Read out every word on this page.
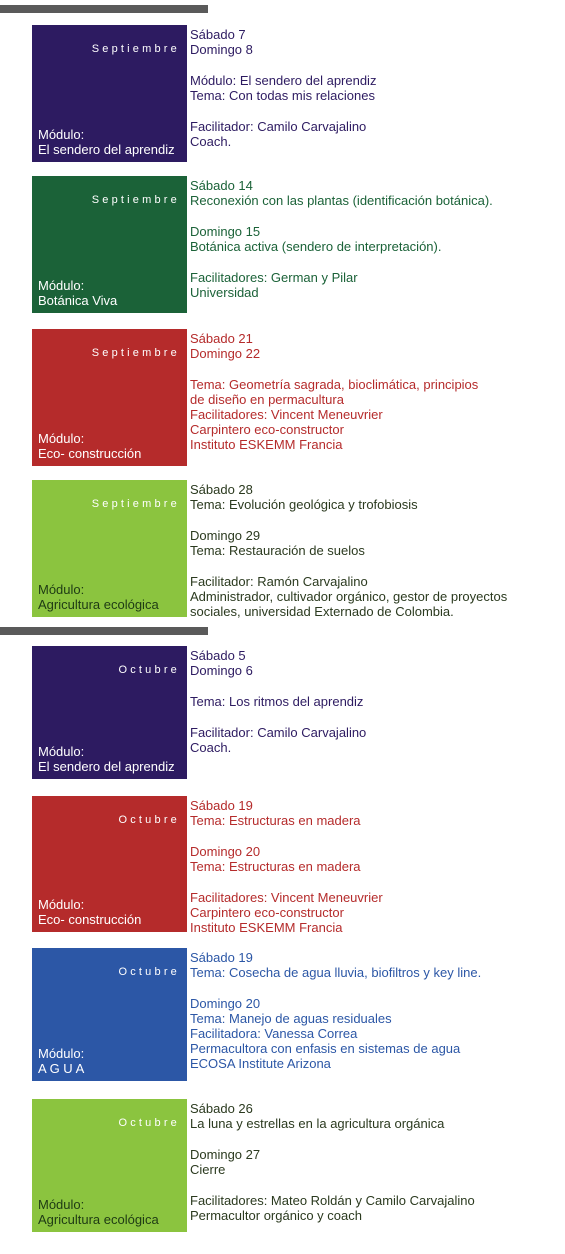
Septiembre
Módulo:
El sendero del aprendiz
Sábado 7
Domingo 8
Módulo: El sendero del aprendiz
Tema: Con todas mis relaciones
Facilitador: Camilo Carvajalino
Coach.
Septiembre
Módulo:
Botánica Viva
Sábado 14
Reconexión con las plantas (identificación botánica).
Domingo 15
Botánica activa (sendero de interpretación).
Facilitadores: German y Pilar
Universidad
Septiembre
Módulo:
Eco- construcción
Sábado 21
Domingo 22
Tema: Geometría sagrada, bioclimática, principios
de diseño en permacultura
Facilitadores: Vincent Meneuvrier
Carpintero eco-constructor
Instituto ESKEMM Francia
Septiembre
Módulo:
Agricultura ecológica
Sábado 28
Tema: Evolución geológica y trofobiosis
Domingo 29
Tema: Restauración de suelos
Facilitador: Ramón Carvajalino
Administrador, cultivador orgánico, gestor de proyectos
sociales, universidad Externado de Colombia.
Octubre
Módulo:
El sendero del aprendiz
Sábado 5
Domingo 6
Tema: Los ritmos del aprendiz
Facilitador: Camilo Carvajalino
Coach.
Octubre
Módulo:
Eco- construcción
Sábado 19
Tema: Estructuras en madera
Domingo 20
Tema: Estructuras en madera
Facilitadores: Vincent Meneuvrier
Carpintero eco-constructor
Instituto ESKEMM Francia
Octubre
Módulo:
A G U A
Sábado 19
Tema: Cosecha de agua lluvia, biofiltros y key line.
Domingo 20
Tema: Manejo de aguas residuales
Facilitadora: Vanessa Correa
Permacultora con enfasis en sistemas de agua
ECOSA Institute Arizona
Octubre
Módulo:
Agricultura ecológica
Sábado 26
La luna y estrellas en la agricultura orgánica
Domingo 27
Cierre
Facilitadores: Mateo Roldán y Camilo Carvajalino
Permacultor orgánico y coach
